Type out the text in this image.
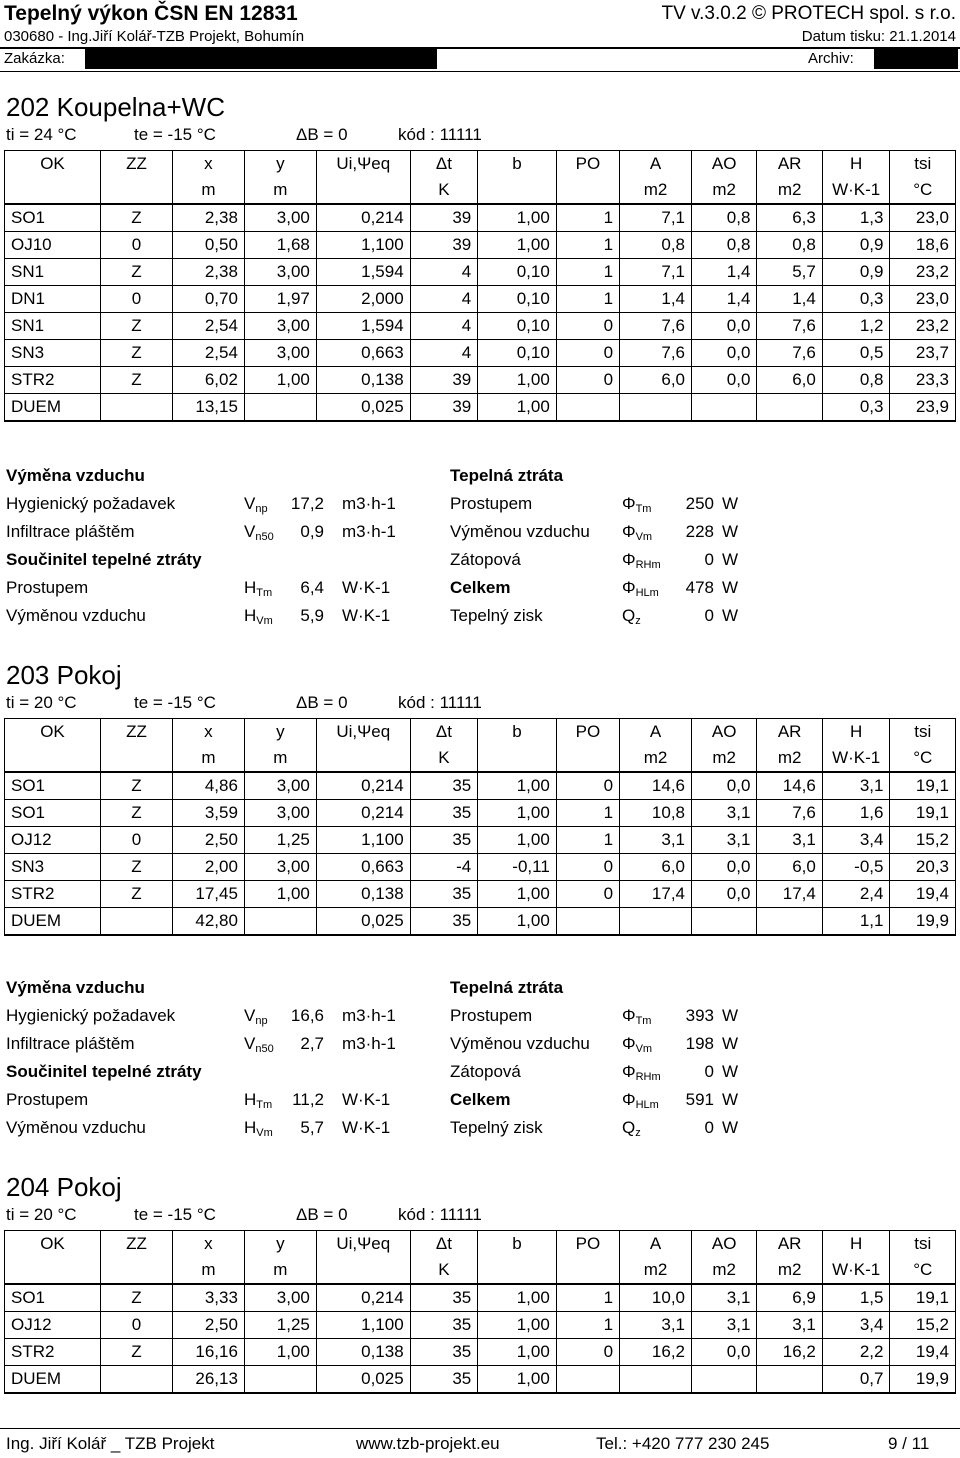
Tepelný výkon ČSN EN 12831	TV v.3.0.2 © PROTECH spol. s r.o.
030680 - Ing.Jiří Kolář-TZB Projekt, Bohumín	Datum tisku: 21.1.2014
Zakázka:	Archiv:
202 Koupelna+WC
ti = 24 °C	te = -15 °C	ΔB = 0	kód : 11111
OK	ZZ	x	y	Ui,Ψeq	Δt	b	PO	A	AO	AR	H	tsi
		m	m		K			m2	m2	m2	W·K-1	°C
SO1	Z	2,38	3,00	0,214	39	1,00	1	7,1	0,8	6,3	1,3	23,0
OJ10	0	0,50	1,68	1,100	39	1,00	1	0,8	0,8	0,8	0,9	18,6
SN1	Z	2,38	3,00	1,594	4	0,10	1	7,1	1,4	5,7	0,9	23,2
DN1	0	0,70	1,97	2,000	4	0,10	1	1,4	1,4	1,4	0,3	23,0
SN1	Z	2,54	3,00	1,594	4	0,10	0	7,6	0,0	7,6	1,2	23,2
SN3	Z	2,54	3,00	0,663	4	0,10	0	7,6	0,0	7,6	0,5	23,7
STR2	Z	6,02	1,00	0,138	39	1,00	0	6,0	0,0	6,0	0,8	23,3
DUEM		13,15		0,025	39	1,00					0,3	23,9
Výměna vzduchu	Tepelná ztráta
Hygienický požadavek	$V_{np}$	17,2 m3·h-1	Prostupem	$\Phi_{Tm}$	250 W
Infiltrace pláštěm	$V_{n50}$	0,9 m3·h-1	Výměnou vzduchu $\Phi_{Vm}$	228 W
Součinitel tepelné ztráty	Zátopová	$\Phi_{RHm}$	0 W
Prostupem	$H_{Tm}$	6,4 W·K-1	Celkem	$\Phi_{HLm}$	478 W
Výměnou vzduchu	$H_{Vm}$	5,9 W·K-1	Tepelný zisk	$Q_z$	0 W
203 Pokoj
ti = 20 °C	te = -15 °C	ΔB = 0	kód : 11111
OK	ZZ	x	y	Ui,Ψeq	Δt	b	PO	A	AO	AR	H	tsi
		m	m		K			m2	m2	m2	W·K-1	°C
SO1	Z	4,86	3,00	0,214	35	1,00	0	14,6	0,0	14,6	3,1	19,1
SO1	Z	3,59	3,00	0,214	35	1,00	1	10,8	3,1	7,6	1,6	19,1
OJ12	0	2,50	1,25	1,100	35	1,00	1	3,1	3,1	3,1	3,4	15,2
SN3	Z	2,00	3,00	0,663	-4	-0,11	0	6,0	0,0	6,0	-0,5	20,3
STR2	Z	17,45	1,00	0,138	35	1,00	0	17,4	0,0	17,4	2,4	19,4
DUEM		42,80		0,025	35	1,00					1,1	19,9
Výměna vzduchu	Tepelná ztráta
Hygienický požadavek	$V_{np}$	16,6 m3·h-1	Prostupem	$\Phi_{Tm}$	393 W
Infiltrace pláštěm	$V_{n50}$	2,7 m3·h-1	Výměnou vzduchu $\Phi_{Vm}$	198 W
Součinitel tepelné ztráty	Zátopová	$\Phi_{RHm}$	0 W
Prostupem	$H_{Tm}$	11,2 W·K-1	Celkem	$\Phi_{HLm}$	591 W
Výměnou vzduchu	$H_{Vm}$	5,7 W·K-1	Tepelný zisk	$Q_z$	0 W
204 Pokoj
ti = 20 °C	te = -15 °C	ΔB = 0	kód : 11111
OK	ZZ	x	y	Ui,Ψeq	Δt	b	PO	A	AO	AR	H	tsi
		m	m		K			m2	m2	m2	W·K-1	°C
SO1	Z	3,33	3,00	0,214	35	1,00	1	10,0	3,1	6,9	1,5	19,1
OJ12	0	2,50	1,25	1,100	35	1,00	1	3,1	3,1	3,1	3,4	15,2
STR2	Z	16,16	1,00	0,138	35	1,00	0	16,2	0,0	16,2	2,2	19,4
DUEM		26,13		0,025	35	1,00					0,7	19,9
Ing. Jiří Kolář _ TZB Projekt	www.tzb-projekt.eu	Tel.: +420 777 230 245	9 / 11
